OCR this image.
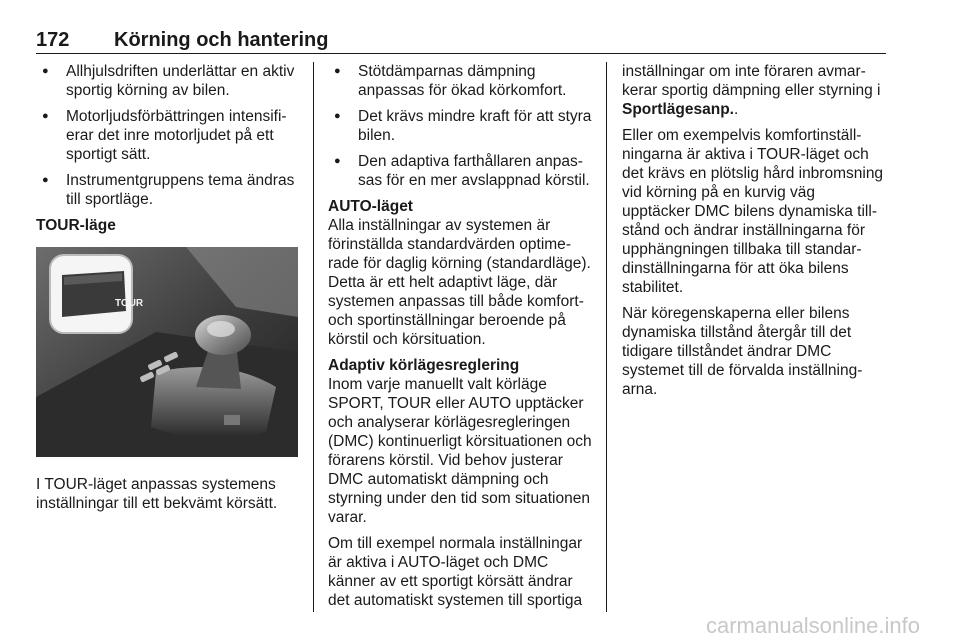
172 Körning och hantering
● Allhjulsdriften underlättar en aktiv sportig körning av bilen.
● Motorljudsförbättringen intensifierar det inre motorljudet på ett sportigt sätt.
● Instrumentgruppens tema ändras till sportläge.

TOUR-läge

TOUR

I TOUR-läget anpassas systemens inställningar till ett bekvämt körsätt.

● Stötdämparnas dämpning anpassas för ökad körkomfort.
● Det krävs mindre kraft för att styra bilen.
● Den adaptiva farthållaren anpassas för en mer avslappnad körstil.

AUTO-läget

Alla inställningar av systemen är förinställda standardvärden optimerade för daglig körning (standardläge). Detta är ett helt adaptivt läge, där systemen anpassas till både komfort- och sportinställningar beroende på körstil och körsituation.

Adaptiv körlägesreglering

Inom varje manuellt valt körläge SPORT, TOUR eller AUTO upptäcker och analyserar körlägesregleringen (DMC) kontinuerligt körsituationen och förarens körstil. Vid behov justerar DMC automatiskt dämpning och styrning under den tid som situationen varar.

Om till exempel normala inställningar är aktiva i AUTO-läget och DMC känner av ett sportigt körsätt ändrar det automatiskt systemen till sportiga

inställningar om inte föraren avmarkerar sportig dämpning eller styrning i Sportlägesanp..

Eller om exempelvis komfortinställningarna är aktiva i TOUR-läget och det krävs en plötslig hård inbromsning vid körning på en kurvig väg upptäcker DMC bilens dynamiska tillstånd och ändrar inställningarna för upphängningen tillbaka till standardinställningarna för att öka bilens stabilitet.

När köregenskaperna eller bilens dynamiska tillstånd återgår till det tidigare tillståndet ändrar DMC systemet till de förvalda inställningarna.

carmanualsonline.info
